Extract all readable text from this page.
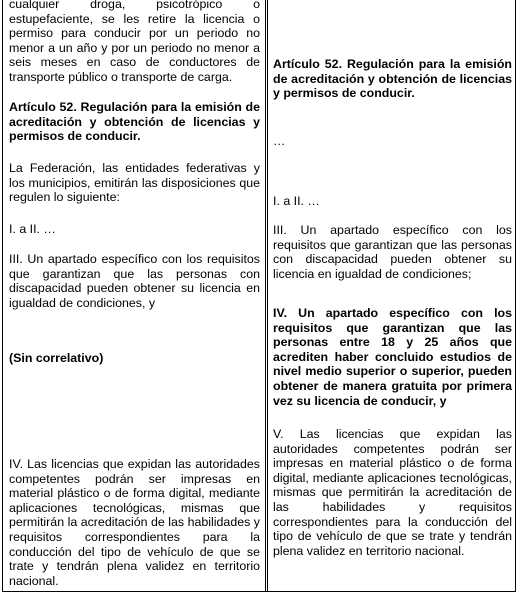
cualquier droga, psicotrópico o estupefaciente, se les retire la licencia o permiso para conducir por un periodo no menor a un año y por un periodo no menor a seis meses en caso de conductores de transporte público o transporte de carga.

Artículo 52. Regulación para la emisión de acreditación y obtención de licencias y permisos de conducir.

La Federación, las entidades federativas y los municipios, emitirán las disposiciones que regulen lo siguiente:

I. a II. …

III. Un apartado específico con los requisitos que garantizan que las personas con discapacidad pueden obtener su licencia en igualdad de condiciones, y

(Sin correlativo)

IV. Las licencias que expidan las autoridades competentes podrán ser impresas en material plástico o de forma digital, mediante aplicaciones tecnológicas, mismas que permitirán la acreditación de las habilidades y requisitos correspondientes para la conducción del tipo de vehículo de que se trate y tendrán plena validez en territorio nacional.

Artículo 52. Regulación para la emisión de acreditación y obtención de licencias y permisos de conducir.

…

I. a II. …

III. Un apartado específico con los requisitos que garantizan que las personas con discapacidad pueden obtener su licencia en igualdad de condiciones;

IV. Un apartado específico con los requisitos que garantizan que las personas entre 18 y 25 años que acrediten haber concluido estudios de nivel medio superior o superior, pueden obtener de manera gratuita por primera vez su licencia de conducir, y

V. Las licencias que expidan las autoridades competentes podrán ser impresas en material plástico o de forma digital, mediante aplicaciones tecnológicas, mismas que permitirán la acreditación de las habilidades y requisitos correspondientes para la conducción del tipo de vehículo de que se trate y tendrán plena validez en territorio nacional.
